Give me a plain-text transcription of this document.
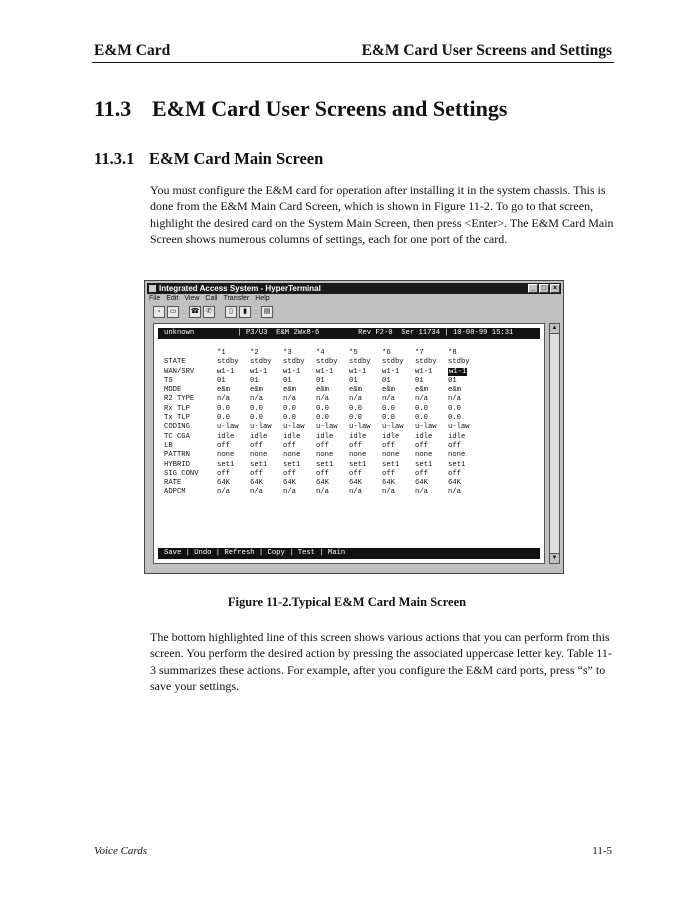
E&M Card	E&M Card User Screens and Settings
11.3 E&M Card User Screens and Settings
11.3.1 E&M Card Main Screen
You must configure the E&M card for operation after installing it in the system chassis. This is done from the E&M Main Card Screen, which is shown in Figure 11-2. To go to that screen, highlight the desired card on the System Main Screen, then press <Enter>. The E&M Card Main Screen shows numerous columns of settings, each for one port of the card.
Integrated Access System - HyperTerminal	_ □ ×
File Edit View Call Transfer Help
▫	▭	☎ ✆	▯	▮	▤
unknown          | P3/U3  E&M 2Wx8-6         Rev F2-0  Ser 11734 | 10-08-99 15:31
*1	*2	*3	*4	*5	*6	*7	*8
STATE	stdby	stdby	stdby	stdby	stdby	stdby	stdby	stdby
WAN/SRV	w1-1	w1-1	w1-1	w1-1	w1-1	w1-1	w1-1	w1-1
TS	01	01	01	01	01	01	01	01
MODE	e&m	e&m	e&m	e&m	e&m	e&m	e&m	e&m
R2 TYPE	n/a	n/a	n/a	n/a	n/a	n/a	n/a	n/a
Rx TLP	0.0	0.0	0.0	0.0	0.0	0.0	0.0	0.0
Tx TLP	0.0	0.0	0.0	0.0	0.0	0.0	0.0	0.0
CODING	u-law	u-law	u-law	u-law	u-law	u-law	u-law	u-law
TC CGA	idle	idle	idle	idle	idle	idle	idle	idle
LB	off	off	off	off	off	off	off	off
PATTRN	none	none	none	none	none	none	none	none
HYBRID	set1	set1	set1	set1	set1	set1	set1	set1
SIG CONV	off	off	off	off	off	off	off	off
RATE	64K	64K	64K	64K	64K	64K	64K	64K
ADPCM	n/a	n/a	n/a	n/a	n/a	n/a	n/a	n/a
Save | Undo | Refresh | Copy | Test | Main
▲
▼
Figure 11-2.Typical E&M Card Main Screen
The bottom highlighted line of this screen shows various actions that you can perform from this screen. You perform the desired action by pressing the associated uppercase letter key. Table 11-3 summarizes these actions. For example, after you configure the E&M card ports, press “s” to save your settings.
Voice Cards	11-5
